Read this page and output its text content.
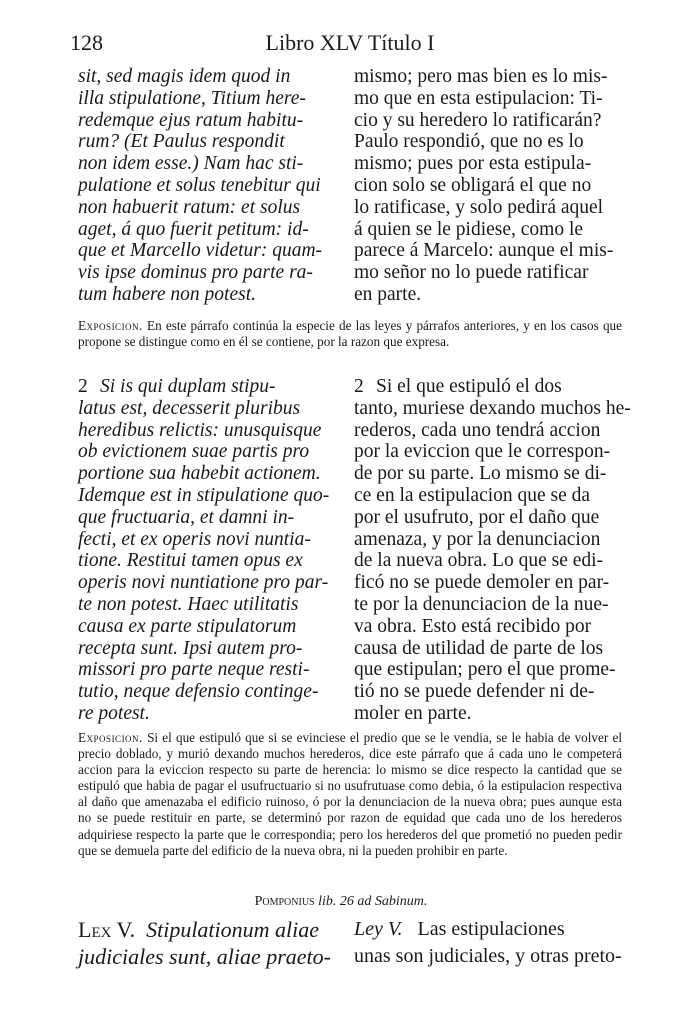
128	Libro XLV Título I
sit, sed magis idem quod in
illa stipulatione, Titium here-
redemque ejus ratum habitu-
rum? (Et Paulus respondit
non idem esse.) Nam hac sti-
pulatione et solus tenebitur qui
non habuerit ratum: et solus
aget, á quo fuerit petitum: id-
que et Marcello videtur: quam-
vis ipse dominus pro parte ra-
tum habere non potest.
mismo; pero mas bien es lo mis-
mo que en esta estipulacion: Ti-
cio y su heredero lo ratificarán?
Paulo respondió, que no es lo
mismo; pues por esta estipula-
cion solo se obligará el que no
lo ratificase, y solo pedirá aquel
á quien se le pidiese, como le
parece á Marcelo: aunque el mis-
mo señor no lo puede ratificar
en parte.
Exposicion. En este párrafo continúa la especie de las leyes y párrafos anteriores, y en los casos que propone se distingue como en él se contiene, por la razon que expresa.
2 Si is qui duplam stipu-
latus est, decesserit pluribus
heredibus relictis: unusquisque
ob evictionem suae partis pro
portione sua habebit actionem.
Idemque est in stipulatione quo-
que fructuaria, et damni in-
fecti, et ex operis novi nuntia-
tione. Restitui tamen opus ex
operis novi nuntiatione pro par-
te non potest. Haec utilitatis
causa ex parte stipulatorum
recepta sunt. Ipsi autem pro-
missori pro parte neque resti-
tutio, neque defensio continge-
re potest.
2 Si el que estipuló el dos
tanto, muriese dexando muchos he-
rederos, cada uno tendrá accion
por la eviccion que le correspon-
de por su parte. Lo mismo se di-
ce en la estipulacion que se da
por el usufruto, por el daño que
amenaza, y por la denunciacion
de la nueva obra. Lo que se edi-
ficó no se puede demoler en par-
te por la denunciacion de la nue-
va obra. Esto está recibido por
causa de utilidad de parte de los
que estipulan; pero el que prome-
tió no se puede defender ni de-
moler en parte.
Exposicion. Si el que estipuló que si se evinciese el predio que se le vendia, se le habia de volver el precio doblado, y murió dexando muchos herederos, dice este párrafo que á cada uno le competerá accion para la eviccion respecto su parte de herencia: lo mismo se dice respecto la cantidad que se estipuló que habia de pagar el usufructuario si no usufrutuase como debia, ó la estipulacion respectiva al daño que amenazaba el edificio ruinoso, ó por la denunciacion de la nueva obra; pues aunque esta no se puede restituir en parte, se determinó por razon de equidad que cada uno de los herederos adquiriese respecto la parte que le correspondia; pero los herederos del que prometió no pueden pedir que se demuela parte del edificio de la nueva obra, ni la pueden prohibir en parte.
Pomponius lib. 26 ad Sabinum.
Lex V. Stipulationum aliae
judiciales sunt, aliae praeto-
Ley V. Las estipulaciones
unas son judiciales, y otras preto-
